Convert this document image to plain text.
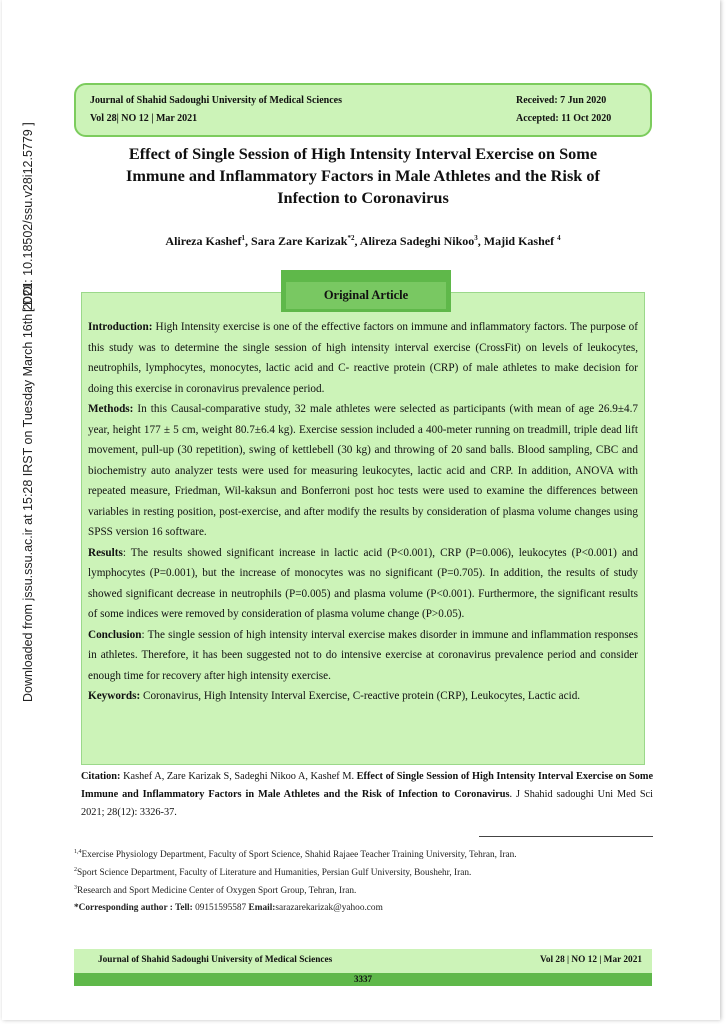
[ DOI: 10.18502/ssu.v28i12.5779 ]
Downloaded from jssu.ssu.ac.ir at 15:28 IRST on Tuesday March 16th 2021
Journal of Shahid Sadoughi University of Medical Sciences
Vol 28| NO 12 | Mar 2021
Received: 7 Jun 2020
Accepted: 11 Oct 2020
Effect of Single Session of High Intensity Interval Exercise on Some
Immune and Inflammatory Factors in Male Athletes and the Risk of
Infection to Coronavirus
Alireza Kashef$^1$, Sara Zare Karizak$^{*2}$, Alireza Sadeghi Nikoo$^3$, Majid Kashef $^4$
Original Article

Introduction: High Intensity exercise is one of the effective factors on immune and inflammatory factors. The purpose of this study was to determine the single session of high intensity interval exercise (CrossFit) on levels of leukocytes, neutrophils, lymphocytes, monocytes, lactic acid and C- reactive protein (CRP) of male athletes to make decision for doing this exercise in coronavirus prevalence period.

Methods: In this Causal-comparative study, 32 male athletes were selected as participants (with mean of age 26.9±4.7 year, height 177 ± 5 cm, weight 80.7±6.4 kg). Exercise session included a 400-meter running on treadmill, triple dead lift movement, pull-up (30 repetition), swing of kettlebell (30 kg) and throwing of 20 sand balls. Blood sampling, CBC and biochemistry auto analyzer tests were used for measuring leukocytes, lactic acid and CRP. In addition, ANOVA with repeated measure, Friedman, Wil-kaksun and Bonferroni post hoc tests were used to examine the differences between variables in resting position, post-exercise, and after modify the results by consideration of plasma volume changes using SPSS version 16 software.

Results: The results showed significant increase in lactic acid (P<0.001), CRP (P=0.006), leukocytes (P<0.001) and lymphocytes (P=0.001), but the increase of monocytes was no significant (P=0.705). In addition, the results of study showed significant decrease in neutrophils (P=0.005) and plasma volume (P<0.001). Furthermore, the significant results of some indices were removed by consideration of plasma volume change (P>0.05).

Conclusion: The single session of high intensity interval exercise makes disorder in immune and inflammation responses in athletes. Therefore, it has been suggested not to do intensive exercise at coronavirus prevalence period and consider enough time for recovery after high intensity exercise.

Keywords: Coronavirus, High Intensity Interval Exercise, C-reactive protein (CRP), Leukocytes, Lactic acid.

Citation: Kashef A, Zare Karizak S, Sadeghi Nikoo A, Kashef M. Effect of Single Session of High Intensity Interval Exercise on Some Immune and Inflammatory Factors in Male Athletes and the Risk of Infection to Coronavirus. J Shahid sadoughi Uni Med Sci 2021; 28(12): 3326-37.
$^{1,4}$Exercise Physiology Department, Faculty of Sport Science, Shahid Rajaee Teacher Training University, Tehran, Iran.
$^2$Sport Science Department, Faculty of Literature and Humanities, Persian Gulf University, Boushehr, Iran.
$^3$Research and Sport Medicine Center of Oxygen Sport Group, Tehran, Iran.
*Corresponding author : Tell: 09151595587 Email:sarazarekarizak@yahoo.com
Journal of Shahid Sadoughi University of Medical Sciences	Vol 28 | NO 12 | Mar 2021
3337
